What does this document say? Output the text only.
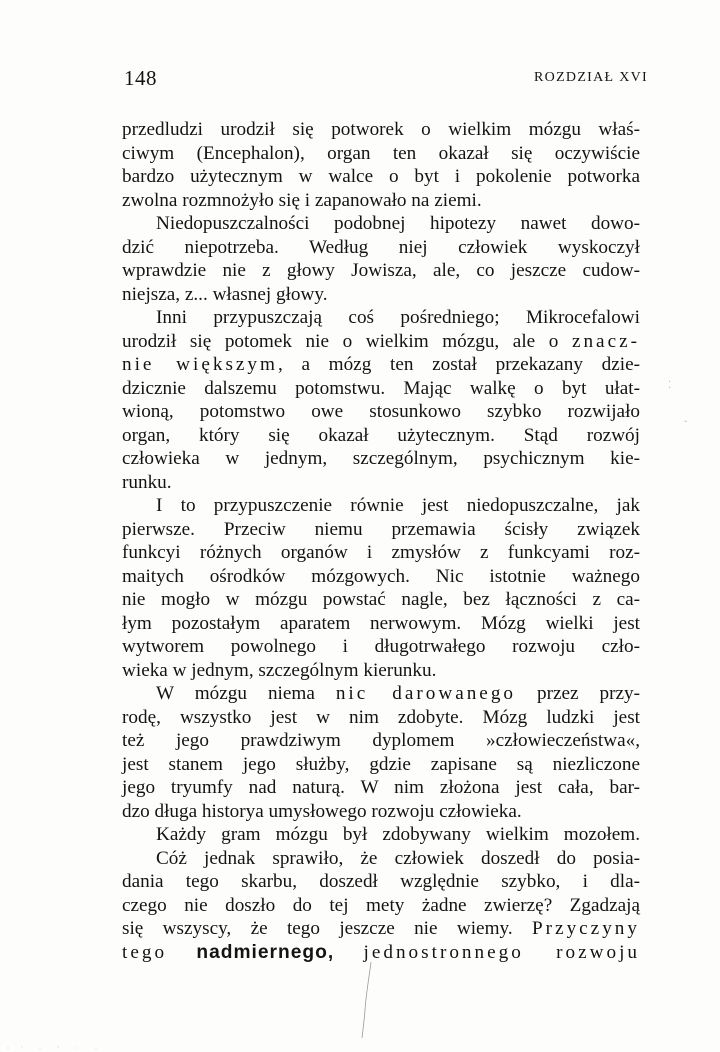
148	ROZDZIAŁ XVI
przedludzi urodził się potworek o wielkim mózgu właś-
ciwym (Encephalon), organ ten okazał się oczywiście
bardzo użytecznym w walce o byt i pokolenie potworka
zwolna rozmnożyło się i zapanowało na ziemi.
Niedopuszczalności podobnej hipotezy nawet dowo-
dzić niepotrzeba. Według niej człowiek wyskoczył
wprawdzie nie z głowy Jowisza, ale, co jeszcze cudow-
niejsza, z... własnej głowy.
Inni przypuszczają coś pośredniego; Mikrocefalowi
urodził się potomek nie o wielkim mózgu, ale o znacz-
nie większym, a mózg ten został przekazany dzie-
dzicznie dalszemu potomstwu. Mając walkę o byt ułat-
wioną, potomstwo owe stosunkowo szybko rozwijało
organ, który się okazał użytecznym. Stąd rozwój
człowieka w jednym, szczególnym, psychicznym kie-
runku.
I to przypuszczenie równie jest niedopuszczalne, jak
pierwsze. Przeciw niemu przemawia ścisły związek
funkcyi różnych organów i zmysłów z funkcyami roz-
maitych ośrodków mózgowych. Nic istotnie ważnego
nie mogło w mózgu powstać nagle, bez łączności z ca-
łym pozostałym aparatem nerwowym. Mózg wielki jest
wytworem powolnego i długotrwałego rozwoju czło-
wieka w jednym, szczególnym kierunku.
W mózgu niema nic darowanego przez przy-
rodę, wszystko jest w nim zdobyte. Mózg ludzki jest
też jego prawdziwym dyplomem »człowieczeństwa«,
jest stanem jego służby, gdzie zapisane są niezliczone
jego tryumfy nad naturą. W nim złożona jest cała, bar-
dzo długa historya umysłowego rozwoju człowieka.
Każdy gram mózgu był zdobywany wielkim mozołem.
Cóż jednak sprawiło, że człowiek doszedł do posia-
dania tego skarbu, doszedł względnie szybko, i dla-
czego nie doszło do tej mety żadne zwierzę? Zgadzają
się wszyscy, że tego jeszcze nie wiemy. Przyczyny
tego nadmiernego, jednostronnego rozwoju
⁚
ˇ
